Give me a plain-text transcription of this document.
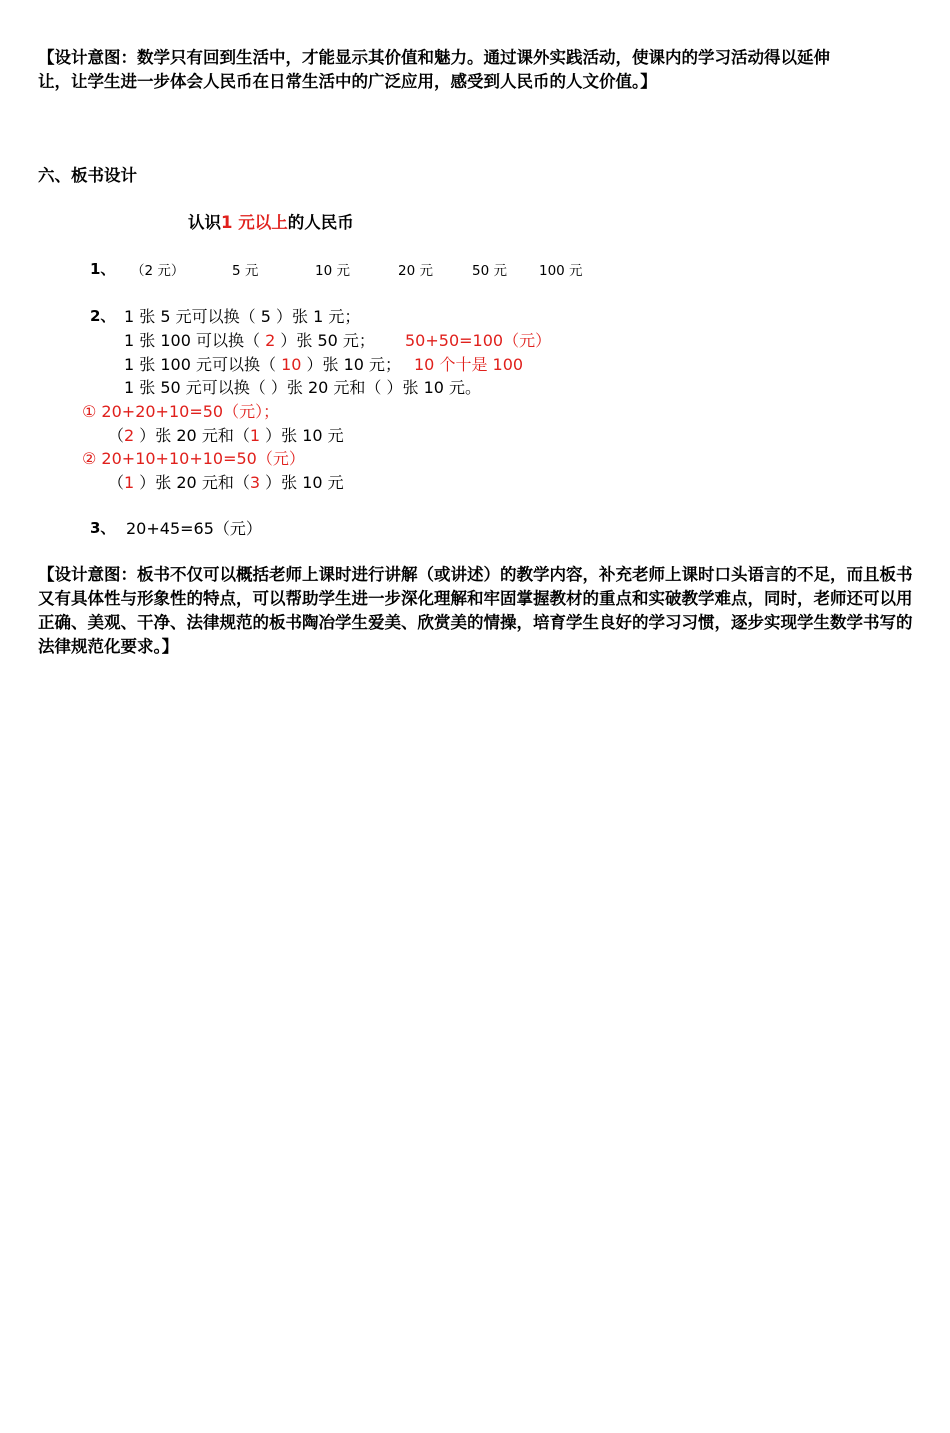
【设计意图：数学只有回到生活中，才能显示其价值和魅力。通过课外实践活动，使课内的学习活动得以延伸
让，让学生进一步体会人民币在日常生活中的广泛应用，感受到人民币的人文价值。】
六、板书设计
认识1 元以上的人民币
1、 （2 元）	5 元	10 元	20 元	50 元 100 元
2、 1 张 5 元可以换（ 5 ）张 1 元；
1 张 100 可以换（ 2 ）张 50 元； 50+50=100（元）
1 张 100 元可以换（ 10 ）张 10 元； 10 个十是 100
1 张 50 元可以换（ ）张 20 元和（ ）张 10 元。
① 20+20+10=50（元）；
（2 ）张 20 元和（1 ）张 10 元
② 20+10+10+10=50（元）
（1 ）张 20 元和（3 ）张 10 元
3、 20+45=65（元）
【设计意图：板书不仅可以概括老师上课时进行讲解（或讲述）的教学内容，补充老师上课时口头语言的不足，而且板书又有具体性与形象性的特点，可以帮助学生进一步深化理解和牢固掌握教材的重点和实破教学难点，同时，老师还可以用正确、美观、干净、法律规范的板书陶冶学生爱美、欣赏美的情操，培育学生良好的学习习惯，逐步实现学生数学书写的法律规范化要求。】
